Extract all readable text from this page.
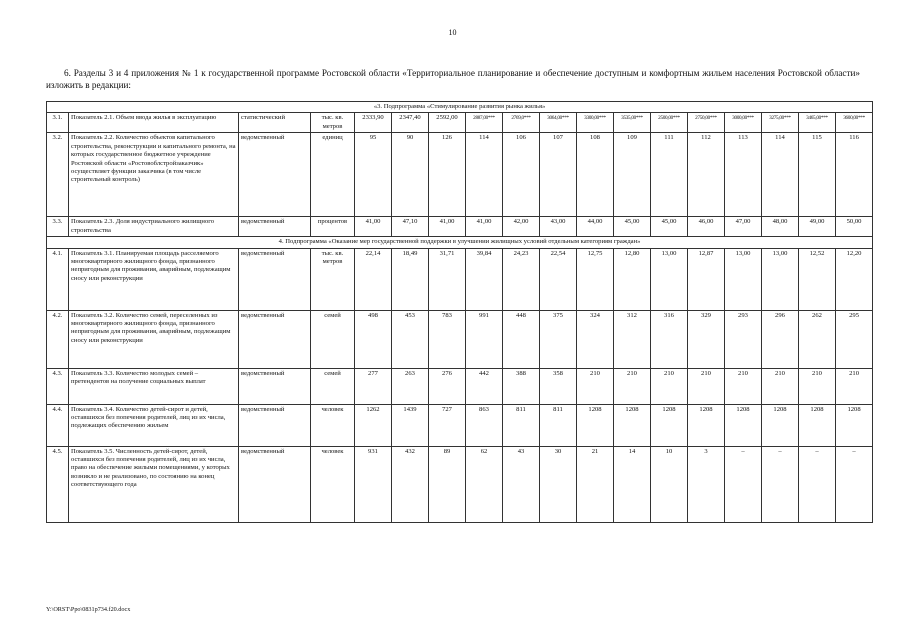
10
6. Разделы 3 и 4 приложения № 1 к государственной программе Ростовской области «Территориальное планирование и обеспечение доступным и комфортным жильем населения Ростовской области» изложить в редакции:
«3. Подпрограмма «Стимулирование развития рынка жилья»																	
3.1.	Показатель 2.1. Объем ввода жилья в эксплуатацию	статистический	тыс. кв. метров	2333,90	2347,40	2592,00	2887,00***	2769,0***	3064,00***	3300,00***	3535,00***	2500,00***	2750,00***	3000,00***	3275,00***	3465,00***	3600,00***
3.2.	Показатель 2.2. Количество объектов капитального строительства, реконструкции и капитального ремонта, на которых государственное бюджетное учреждение Ростовской области «Ростовоблстройзаказчик» осуществляет функции заказчика (в том числе строительный контроль)	ведомственный	единиц	95	90	126	114	106	107	108	109	111	112	113	114	115	116
3.3.	Показатель 2.3. Доля индустриального жилищного строительства	ведомственный	процентов	41,00	47,10	41,00	41,00	42,00	43,00	44,00	45,00	45,00	46,00	47,00	48,00	49,00	50,00
4. Подпрограмма «Оказание мер государственной поддержки в улучшении жилищных условий отдельным категориям граждан»																	
4.1.	Показатель 3.1. Планируемая площадь расселяемого многоквартирного жилищного фонда, признанного непригодным для проживания, аварийным, подлежащим сносу или реконструкции	ведомственный	тыс. кв. метров	22,14	18,49	31,71	39,84	24,23	22,54	12,75	12,80	13,00	12,87	13,00	13,00	12,52	12,20
4.2.	Показатель 3.2. Количество семей, переселенных из многоквартирного жилищного фонда, признанного непригодным для проживания, аварийным, подлежащим сносу или реконструкции	ведомственный	семей	498	453	783	991	448	375	324	312	316	329	293	296	262	295
4.3.	Показатель 3.3. Количество молодых семей – претендентов на получение социальных выплат	ведомственный	семей	277	263	276	442	388	358	210	210	210	210	210	210	210	210
4.4.	Показатель 3.4. Количество детей-сирот и детей, оставшихся без попечения родителей, лиц из их числа, подлежащих обеспечению жильем	ведомственный	человек	1262	1439	727	863	811	811	1208	1208	1208	1208	1208	1208	1208	1208
4.5.	Показатель 3.5. Численность детей-сирот, детей, оставшихся без попечения родителей, лиц из их числа, право на обеспечение жилыми помещениями, у которых возникло и не реализовано, по состоянию на конец соответствующего года	ведомственный	человек	931	432	89	62	43	30	21	14	10	3	–	–	–	–
Y:\ORST\Ppo\0831p734.f20.docx
